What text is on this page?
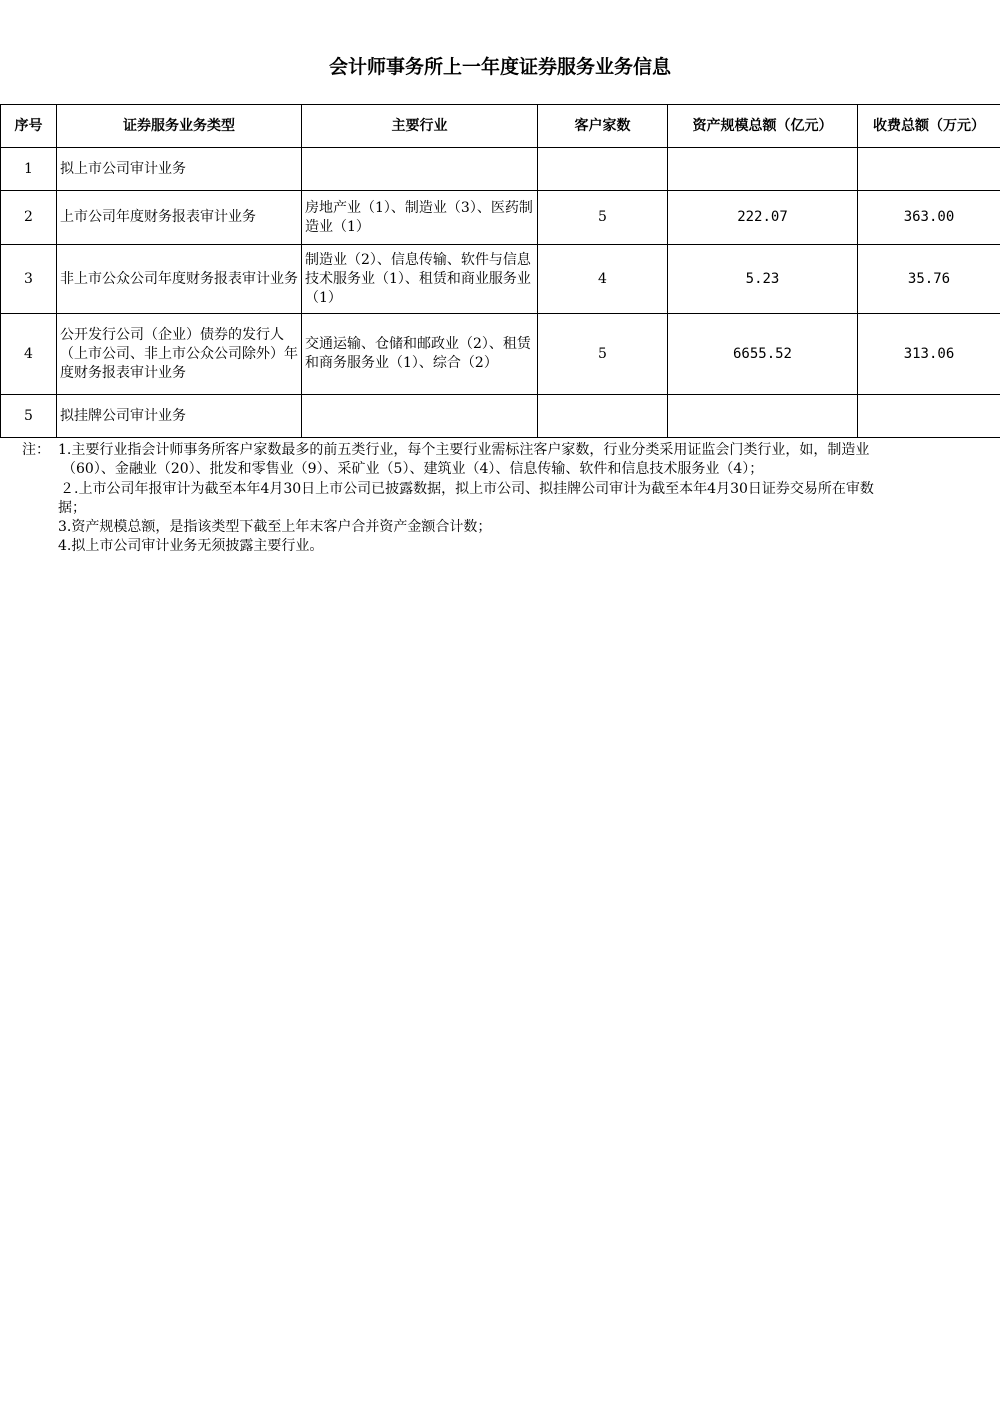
会计师事务所上一年度证券服务业务信息
序号	证券服务业务类型	主要行业	客户家数	资产规模总额（亿元）	收费总额（万元）
1	拟上市公司审计业务				
2	上市公司年度财务报表审计业务	房地产业（1）、制造业（3）、医药制造业（1）	5	222.07	363.00
3	非上市公众公司年度财务报表审计业务	制造业（2）、信息传输、软件与信息技术服务业（1）、租赁和商业服务业（1）	4	5.23	35.76
4	公开发行公司（企业）债券的发行人（上市公司、非上市公众公司除外）年度财务报表审计业务	交通运输、仓储和邮政业（2）、租赁和商务服务业（1）、综合（2）	5	6655.52	313.06
5	拟挂牌公司审计业务				
注： 1.主要行业指会计师事务所客户家数最多的前五类行业，每个主要行业需标注客户家数，行业分类采用证监会门类行业，如，制造业
（60）、金融业（20）、批发和零售业（9）、采矿业（5）、建筑业（4）、信息传输、软件和信息技术服务业（4）；
２.上市公司年报审计为截至本年4月30日上市公司已披露数据，拟上市公司、拟挂牌公司审计为截至本年4月30日证券交易所在审数
据；
3.资产规模总额，是指该类型下截至上年末客户合并资产金额合计数；
4.拟上市公司审计业务无须披露主要行业。
